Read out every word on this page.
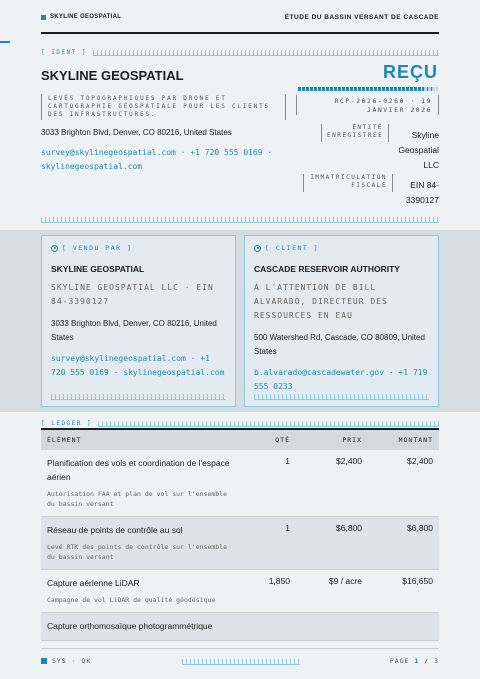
SKYLINE GEOSPATIAL	ÉTUDE DU BASSIN VERSANT DE CASCADE
[ IDENT ]
SKYLINE GEOSPATIAL
LEVÉS TOPOGRAPHIQUES PAR DRONE ET CARTOGRAPHIE GÉOSPATIALE POUR LES CLIENTS DES INFRASTRUCTURES.
3033 Brighton Blvd, Denver, CO 80216, United States
survey@skylinegeospatial.com · +1 720 555 0169 · skylinegeospatial.com
REÇU
RCP-2026-0260 · 19 JANVIER 2026
ENTITÉ ENREGISTRÉE	Skyline Geospatial LLC
IMMATRICULATION FISCALE	EIN 84-3390127
[ VENDU PAR ]
SKYLINE GEOSPATIAL
SKYLINE GEOSPATIAL LLC · EIN 84-3390127
3033 Brighton Blvd, Denver, CO 80216, United States
survey@skylinegeospatial.com · +1 720 555 0169 · skylinegeospatial.com
[ CLIENT ]
CASCADE RESERVOIR AUTHORITY
À L'ATTENTION DE BILL ALVARADO, DIRECTEUR DES RESSOURCES EN EAU
500 Watershed Rd, Cascade, CO 80809, United States
b.alvarado@cascadewater.gov · +1 719 555 0233
[ LEDGER ]
ÉLÉMENT	QTÉ	PRIX	MONTANT

Planification des vols et coordination de l'espace aérien
Autorisation FAA et plan de vol sur l'ensemble du bassin versant	1	$2,400	$2,400

Réseau de points de contrôle au sol
Levé RTK des points de contrôle sur l'ensemble du bassin versant	1	$6,800	$6,800

Capture aérienne LiDAR
Campagne de vol LiDAR de qualité géodésique	1,850	$9 / acre	$16,650

Capture orthomosaïque photogrammétrique			

SYS · OK	PAGE 1 / 3
